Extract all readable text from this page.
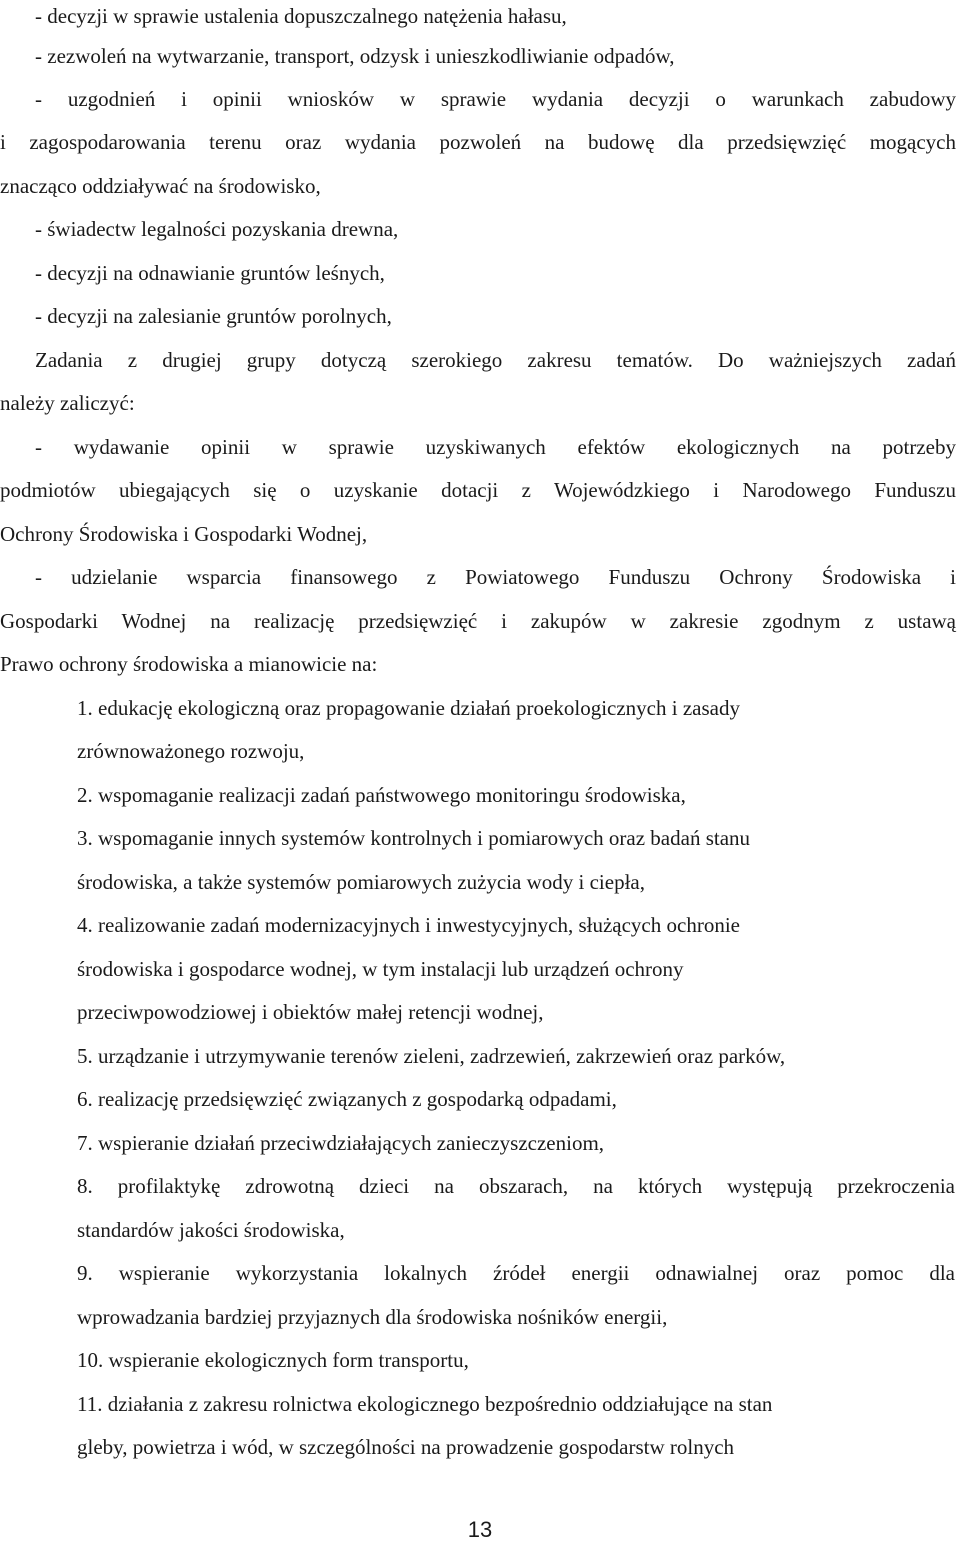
- decyzji w sprawie ustalenia dopuszczalnego natężenia hałasu,
- zezwoleń na wytwarzanie, transport, odzysk i unieszkodliwianie odpadów,
- uzgodnień i opinii wniosków w sprawie wydania decyzji o warunkach zabudowy
i zagospodarowania terenu oraz wydania pozwoleń na budowę dla przedsięwzięć mogących
znacząco oddziaływać na środowisko,
- świadectw legalności pozyskania drewna,
- decyzji na odnawianie gruntów leśnych,
- decyzji na zalesianie gruntów porolnych,
Zadania z drugiej grupy dotyczą szerokiego zakresu tematów. Do ważniejszych zadań
należy zaliczyć:
- wydawanie opinii w sprawie uzyskiwanych efektów ekologicznych na potrzeby
podmiotów ubiegających się o uzyskanie dotacji z Wojewódzkiego i Narodowego Funduszu
Ochrony Środowiska i Gospodarki Wodnej,
- udzielanie wsparcia finansowego z Powiatowego Funduszu Ochrony Środowiska i
Gospodarki Wodnej na realizację przedsięwzięć i zakupów w zakresie zgodnym z ustawą
Prawo ochrony środowiska a mianowicie na:
1. edukację ekologiczną oraz propagowanie działań proekologicznych i zasady
zrównoważonego rozwoju,
2. wspomaganie realizacji zadań państwowego monitoringu środowiska,
3. wspomaganie innych systemów kontrolnych i pomiarowych oraz badań stanu
środowiska, a także systemów pomiarowych zużycia wody i ciepła,
4. realizowanie zadań modernizacyjnych i inwestycyjnych, służących ochronie
środowiska i gospodarce wodnej, w tym instalacji lub urządzeń ochrony
przeciwpowodziowej i obiektów małej retencji wodnej,
5. urządzanie i utrzymywanie terenów zieleni, zadrzewień, zakrzewień oraz parków,
6. realizację przedsięwzięć związanych z gospodarką odpadami,
7. wspieranie działań przeciwdziałających zanieczyszczeniom,
8. profilaktykę zdrowotną dzieci na obszarach, na których występują przekroczenia
standardów jakości środowiska,
9. wspieranie wykorzystania lokalnych źródeł energii odnawialnej oraz pomoc dla
wprowadzania bardziej przyjaznych dla środowiska nośników energii,
10. wspieranie ekologicznych form transportu,
11. działania z zakresu rolnictwa ekologicznego bezpośrednio oddziałujące na stan
gleby, powietrza i wód, w szczególności na prowadzenie gospodarstw rolnych
13
